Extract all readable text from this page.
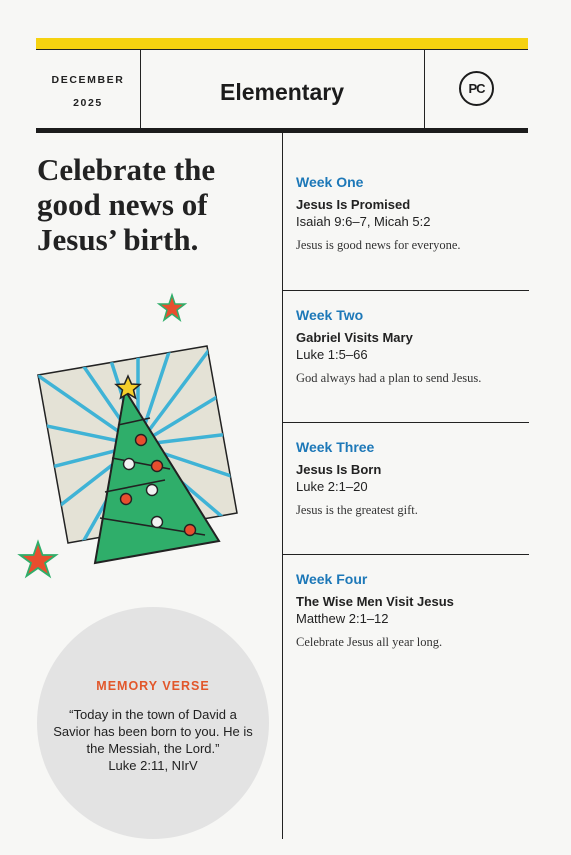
DECEMBER
2025	Elementary	PC
Celebrate the good news of Jesus’ birth.
MEMORY VERSE
“Today in the town of David a Savior has been born to you. He is the Messiah, the Lord.”
Luke 2:11, NIrV
Week One
Jesus Is Promised
Isaiah 9:6–7, Micah 5:2
Jesus is good news for everyone.
Week Two
Gabriel Visits Mary
Luke 1:5–66
God always had a plan to send Jesus.
Week Three
Jesus Is Born
Luke 2:1–20
Jesus is the greatest gift.
Week Four
The Wise Men Visit Jesus
Matthew 2:1–12
Celebrate Jesus all year long.
